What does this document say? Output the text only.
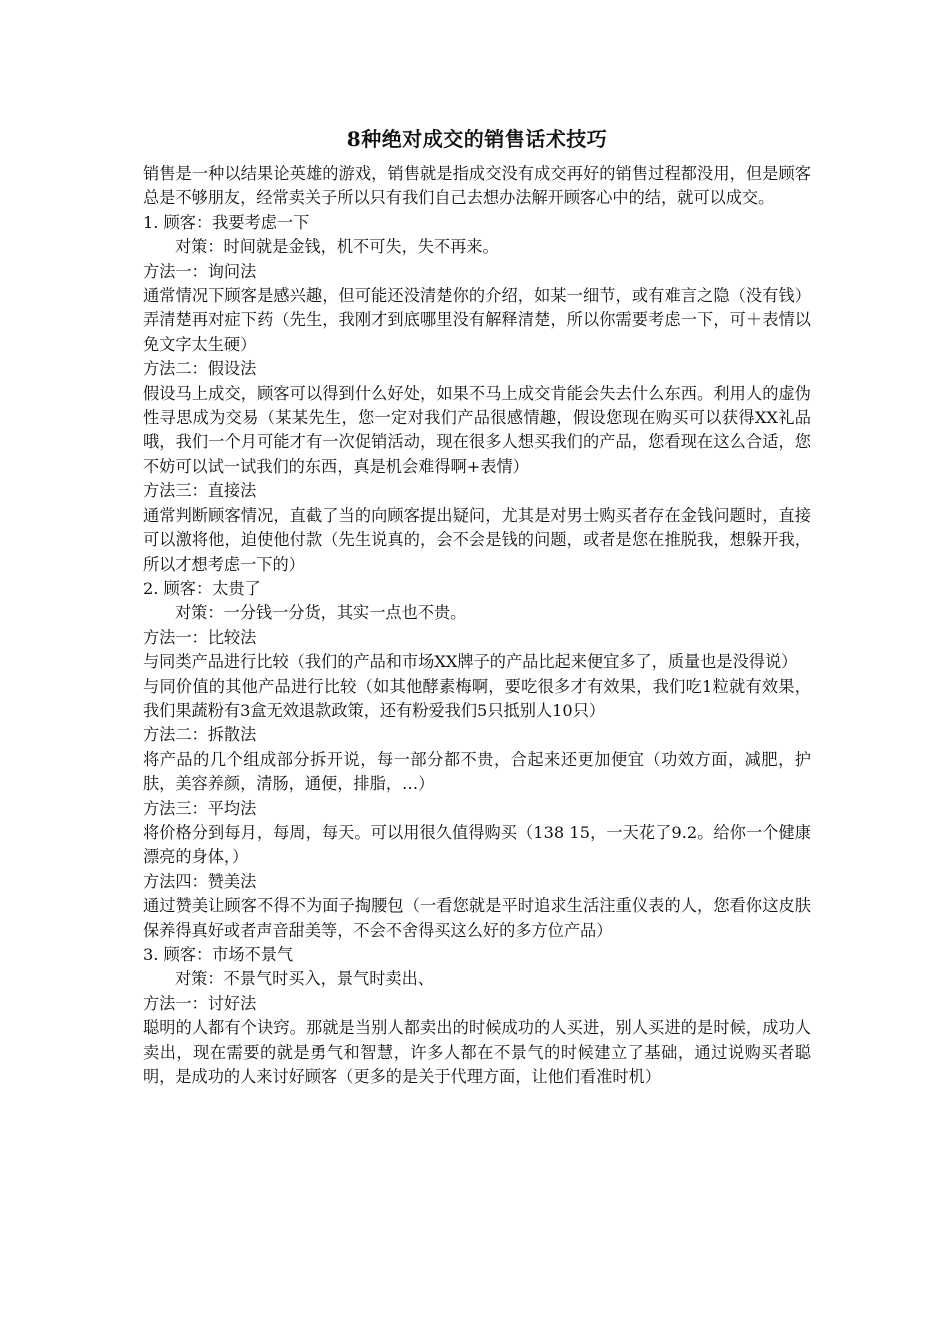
8种绝对成交的销售话术技巧

销售是一种以结果论英雄的游戏，销售就是指成交没有成交再好的销售过程都没用，但是顾客总是不够朋友，经常卖关子所以只有我们自己去想办法解开顾客心中的结，就可以成交。

1. 顾客：我要考虑一下

对策：时间就是金钱，机不可失，失不再来。

方法一：询问法

通常情况下顾客是感兴趣，但可能还没清楚你的介绍，如某一细节，或有难言之隐（没有钱）弄清楚再对症下药（先生，我刚才到底哪里没有解释清楚，所以你需要考虑一下，可＋表情以免文字太生硬）

方法二：假设法

假设马上成交，顾客可以得到什么好处，如果不马上成交肯能会失去什么东西。利用人的虚伪性寻思成为交易（某某先生，您一定对我们产品很感情趣，假设您现在购买可以获得XX礼品哦，我们一个月可能才有一次促销活动，现在很多人想买我们的产品，您看现在这么合适，您不妨可以试一试我们的东西，真是机会难得啊+表情）

方法三：直接法

通常判断顾客情况，直截了当的向顾客提出疑问，尤其是对男士购买者存在金钱问题时，直接可以激将他，迫使他付款（先生说真的，会不会是钱的问题，或者是您在推脱我，想躲开我，所以才想考虑一下的）

2. 顾客：太贵了

对策：一分钱一分货，其实一点也不贵。

方法一：比较法

与同类产品进行比较（我们的产品和市场XX牌子的产品比起来便宜多了，质量也是没得说）

与同价值的其他产品进行比较（如其他酵素梅啊，要吃很多才有效果，我们吃1粒就有效果，我们果蔬粉有3盒无效退款政策，还有粉爱我们5只抵别人10只）

方法二：拆散法

将产品的几个组成部分拆开说，每一部分都不贵，合起来还更加便宜（功效方面，减肥，护肤，美容养颜，清肠，通便，排脂，…）

方法三：平均法

将价格分到每月，每周，每天。可以用很久值得购买（138 15，一天花了9.2。给你一个健康漂亮的身体，）

方法四：赞美法

通过赞美让顾客不得不为面子掏腰包（一看您就是平时追求生活注重仪表的人，您看你这皮肤保养得真好或者声音甜美等，不会不舍得买这么好的多方位产品）

3. 顾客：市场不景气

对策：不景气时买入，景气时卖出、

方法一：讨好法

聪明的人都有个诀窍。那就是当别人都卖出的时候成功的人买进，别人买进的是时候，成功人卖出，现在需要的就是勇气和智慧，许多人都在不景气的时候建立了基础，通过说购买者聪明，是成功的人来讨好顾客（更多的是关于代理方面，让他们看准时机）
